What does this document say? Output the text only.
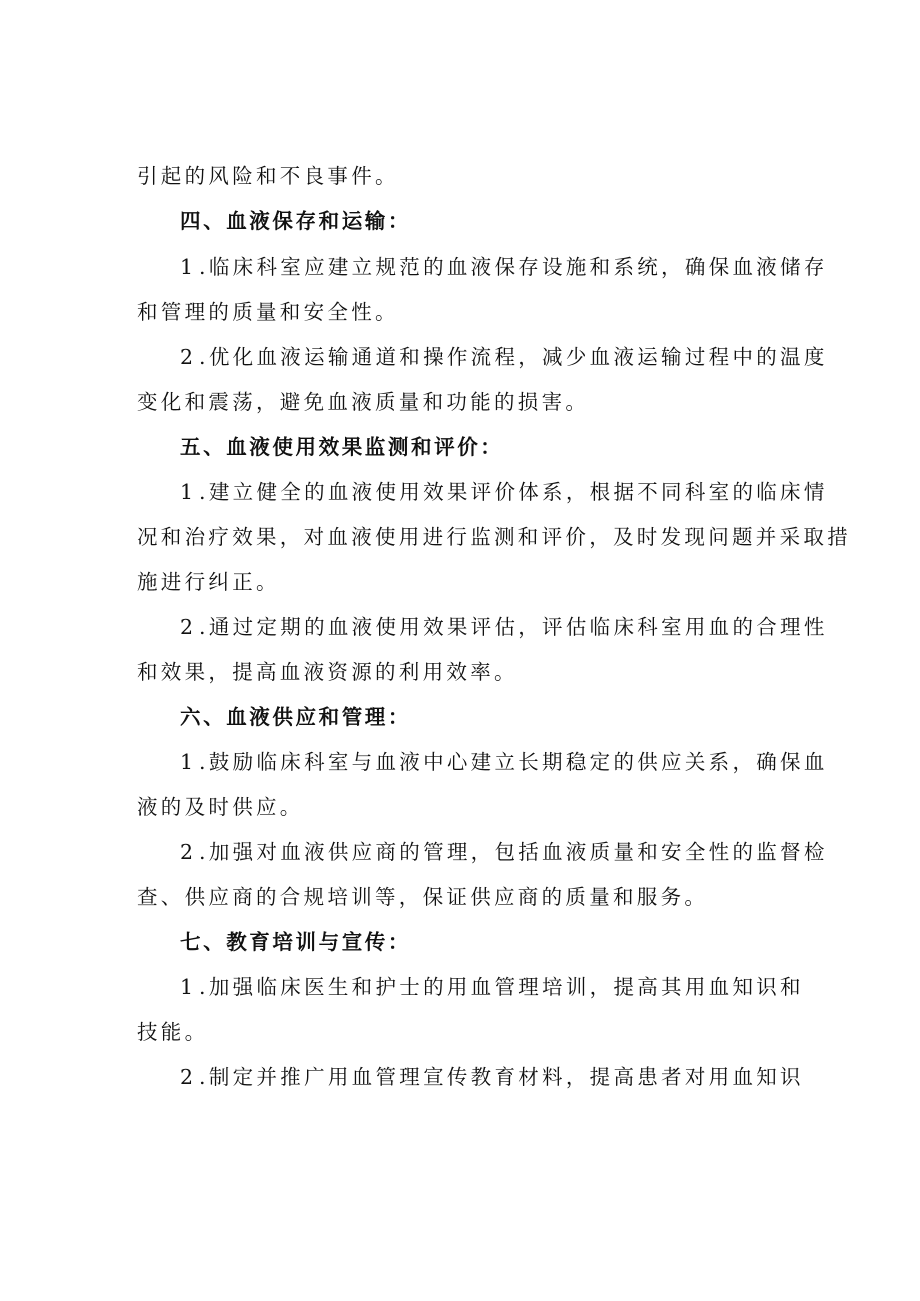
引起的风险和不良事件。
四、血液保存和运输：
1.临床科室应建立规范的血液保存设施和系统，确保血液储存
和管理的质量和安全性。
2.优化血液运输通道和操作流程，减少血液运输过程中的温度
变化和震荡，避免血液质量和功能的损害。
五、血液使用效果监测和评价：
1.建立健全的血液使用效果评价体系，根据不同科室的临床情
况和治疗效果，对血液使用进行监测和评价，及时发现问题并采取措
施进行纠正。
2.通过定期的血液使用效果评估，评估临床科室用血的合理性
和效果，提高血液资源的利用效率。
六、血液供应和管理：
1.鼓励临床科室与血液中心建立长期稳定的供应关系，确保血
液的及时供应。
2.加强对血液供应商的管理，包括血液质量和安全性的监督检
查、供应商的合规培训等，保证供应商的质量和服务。
七、教育培训与宣传：
1.加强临床医生和护士的用血管理培训，提高其用血知识和
技能。
2.制定并推广用血管理宣传教育材料，提高患者对用血知识
